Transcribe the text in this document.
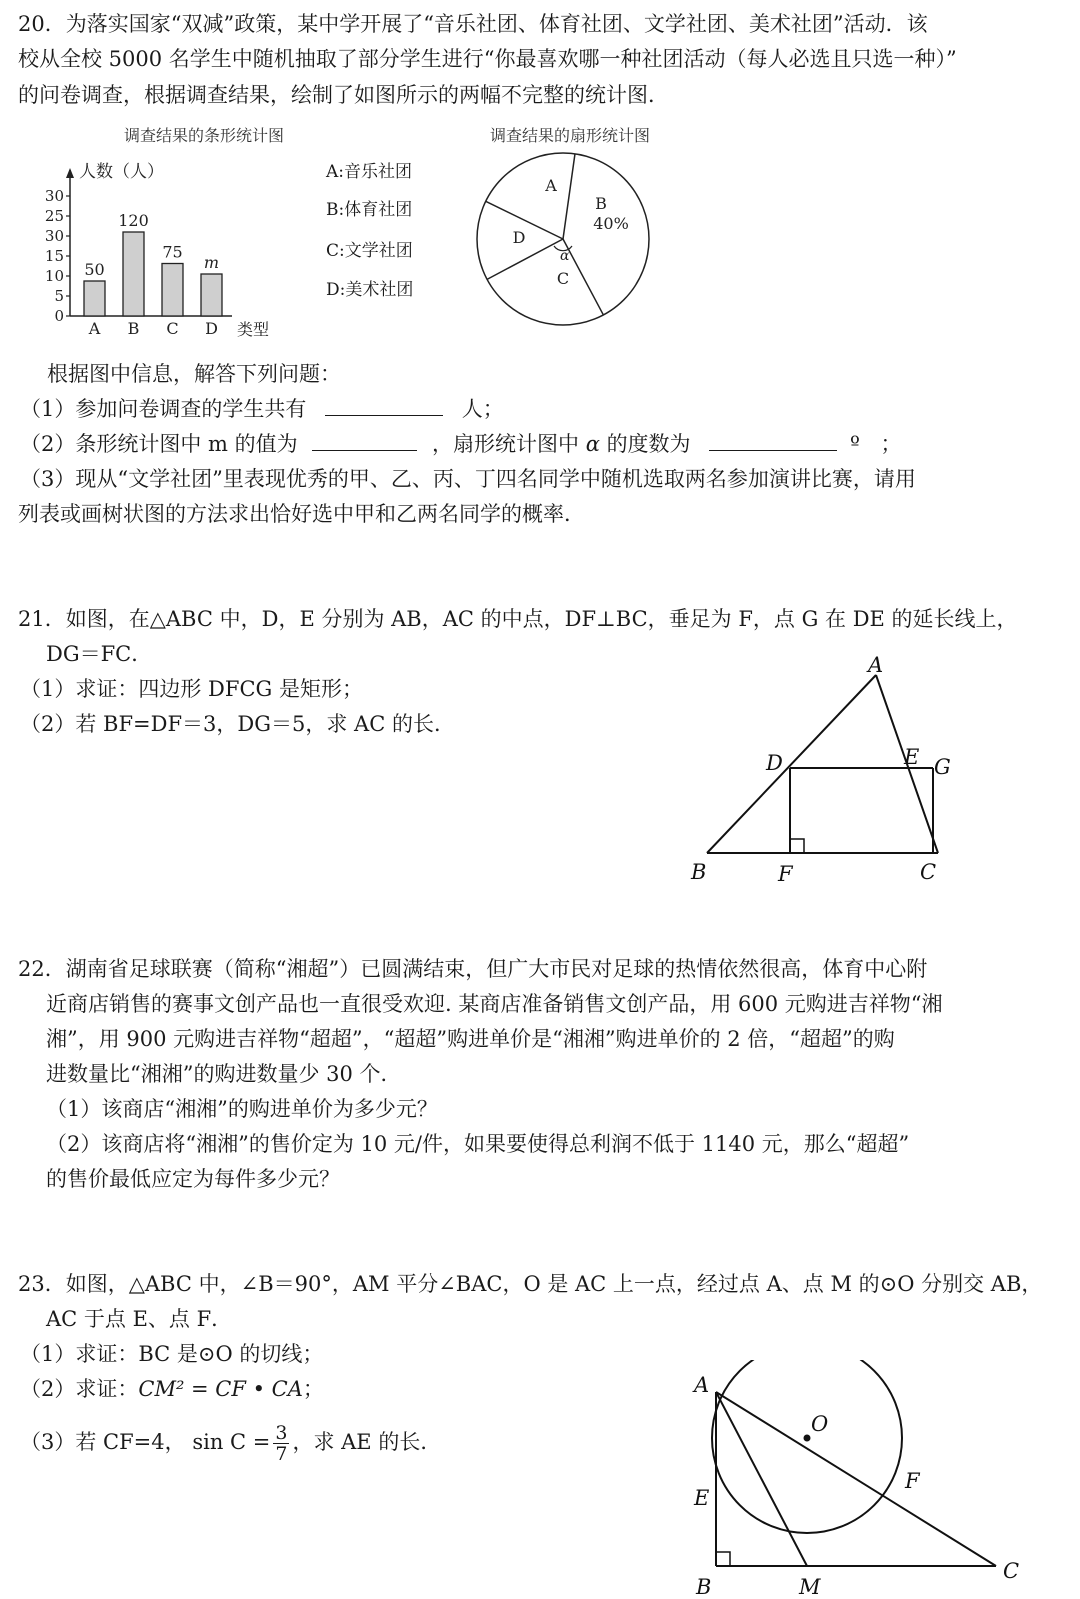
20．为落实国家“双减”政策，某中学开展了“音乐社团、体育社团、文学社团、美术社团”活动．该
校从全校 5000 名学生中随机抽取了部分学生进行“你最喜欢哪一种社团活动（每人必选且只选一种）”
的问卷调查，根据调查结果，绘制了如图所示的两幅不完整的统计图．
调查结果的条形统计图
人数（人）
类型
0
5
10
15
30
25
30
50
A
120
B
75
C
m
D
A:音乐社团
B:体育社团
C:文学社团
D:美术社团
调查结果的扇形统计图
B
40%
C
D
A
α
根据图中信息，解答下列问题：
（1）参加问卷调查的学生共有	人；
（2）条形统计图中 m 的值为	，扇形统计图中 α 的度数为	º ；
（3）现从“文学社团”里表现优秀的甲、乙、丙、丁四名同学中随机选取两名参加演讲比赛，请用
列表或画树状图的方法求出恰好选中甲和乙两名同学的概率．
21．如图，在△ABC 中，D，E 分别为 AB，AC 的中点，DF⊥BC，垂足为 F，点 G 在 DE 的延长线上，
DG＝FC．
（1）求证：四边形 DFCG 是矩形；
（2）若 BF=DF＝3，DG＝5，求 AC 的长．
A
D	E G
B	F	C
22．湖南省足球联赛（简称“湘超”）已圆满结束，但广大市民对足球的热情依然很高，体育中心附
近商店销售的赛事文创产品也一直很受欢迎. 某商店准备销售文创产品，用 600 元购进吉祥物“湘
湘”，用 900 元购进吉祥物“超超”，“超超”购进单价是“湘湘”购进单价的 2 倍，“超超”的购
进数量比“湘湘”的购进数量少 30 个．
（1）该商店“湘湘”的购进单价为多少元？
（2）该商店将“湘湘”的售价定为 10 元/件，如果要使得总利润不低于 1140 元，那么“超超”
的售价最低应定为每件多少元？
23．如图，△ABC 中，∠B＝90°，AM 平分∠BAC，O 是 AC 上一点，经过点 A、点 M 的⊙O 分别交 AB，
AC 于点 E、点 F．
（1）求证：BC 是⊙O 的切线；
（2）求证：CM² = CF • CA；
（3）若 CF=4， $\sin C = \frac{3}{7}$ ，求 AE 的长．
A
O
E
F
B	M
C
